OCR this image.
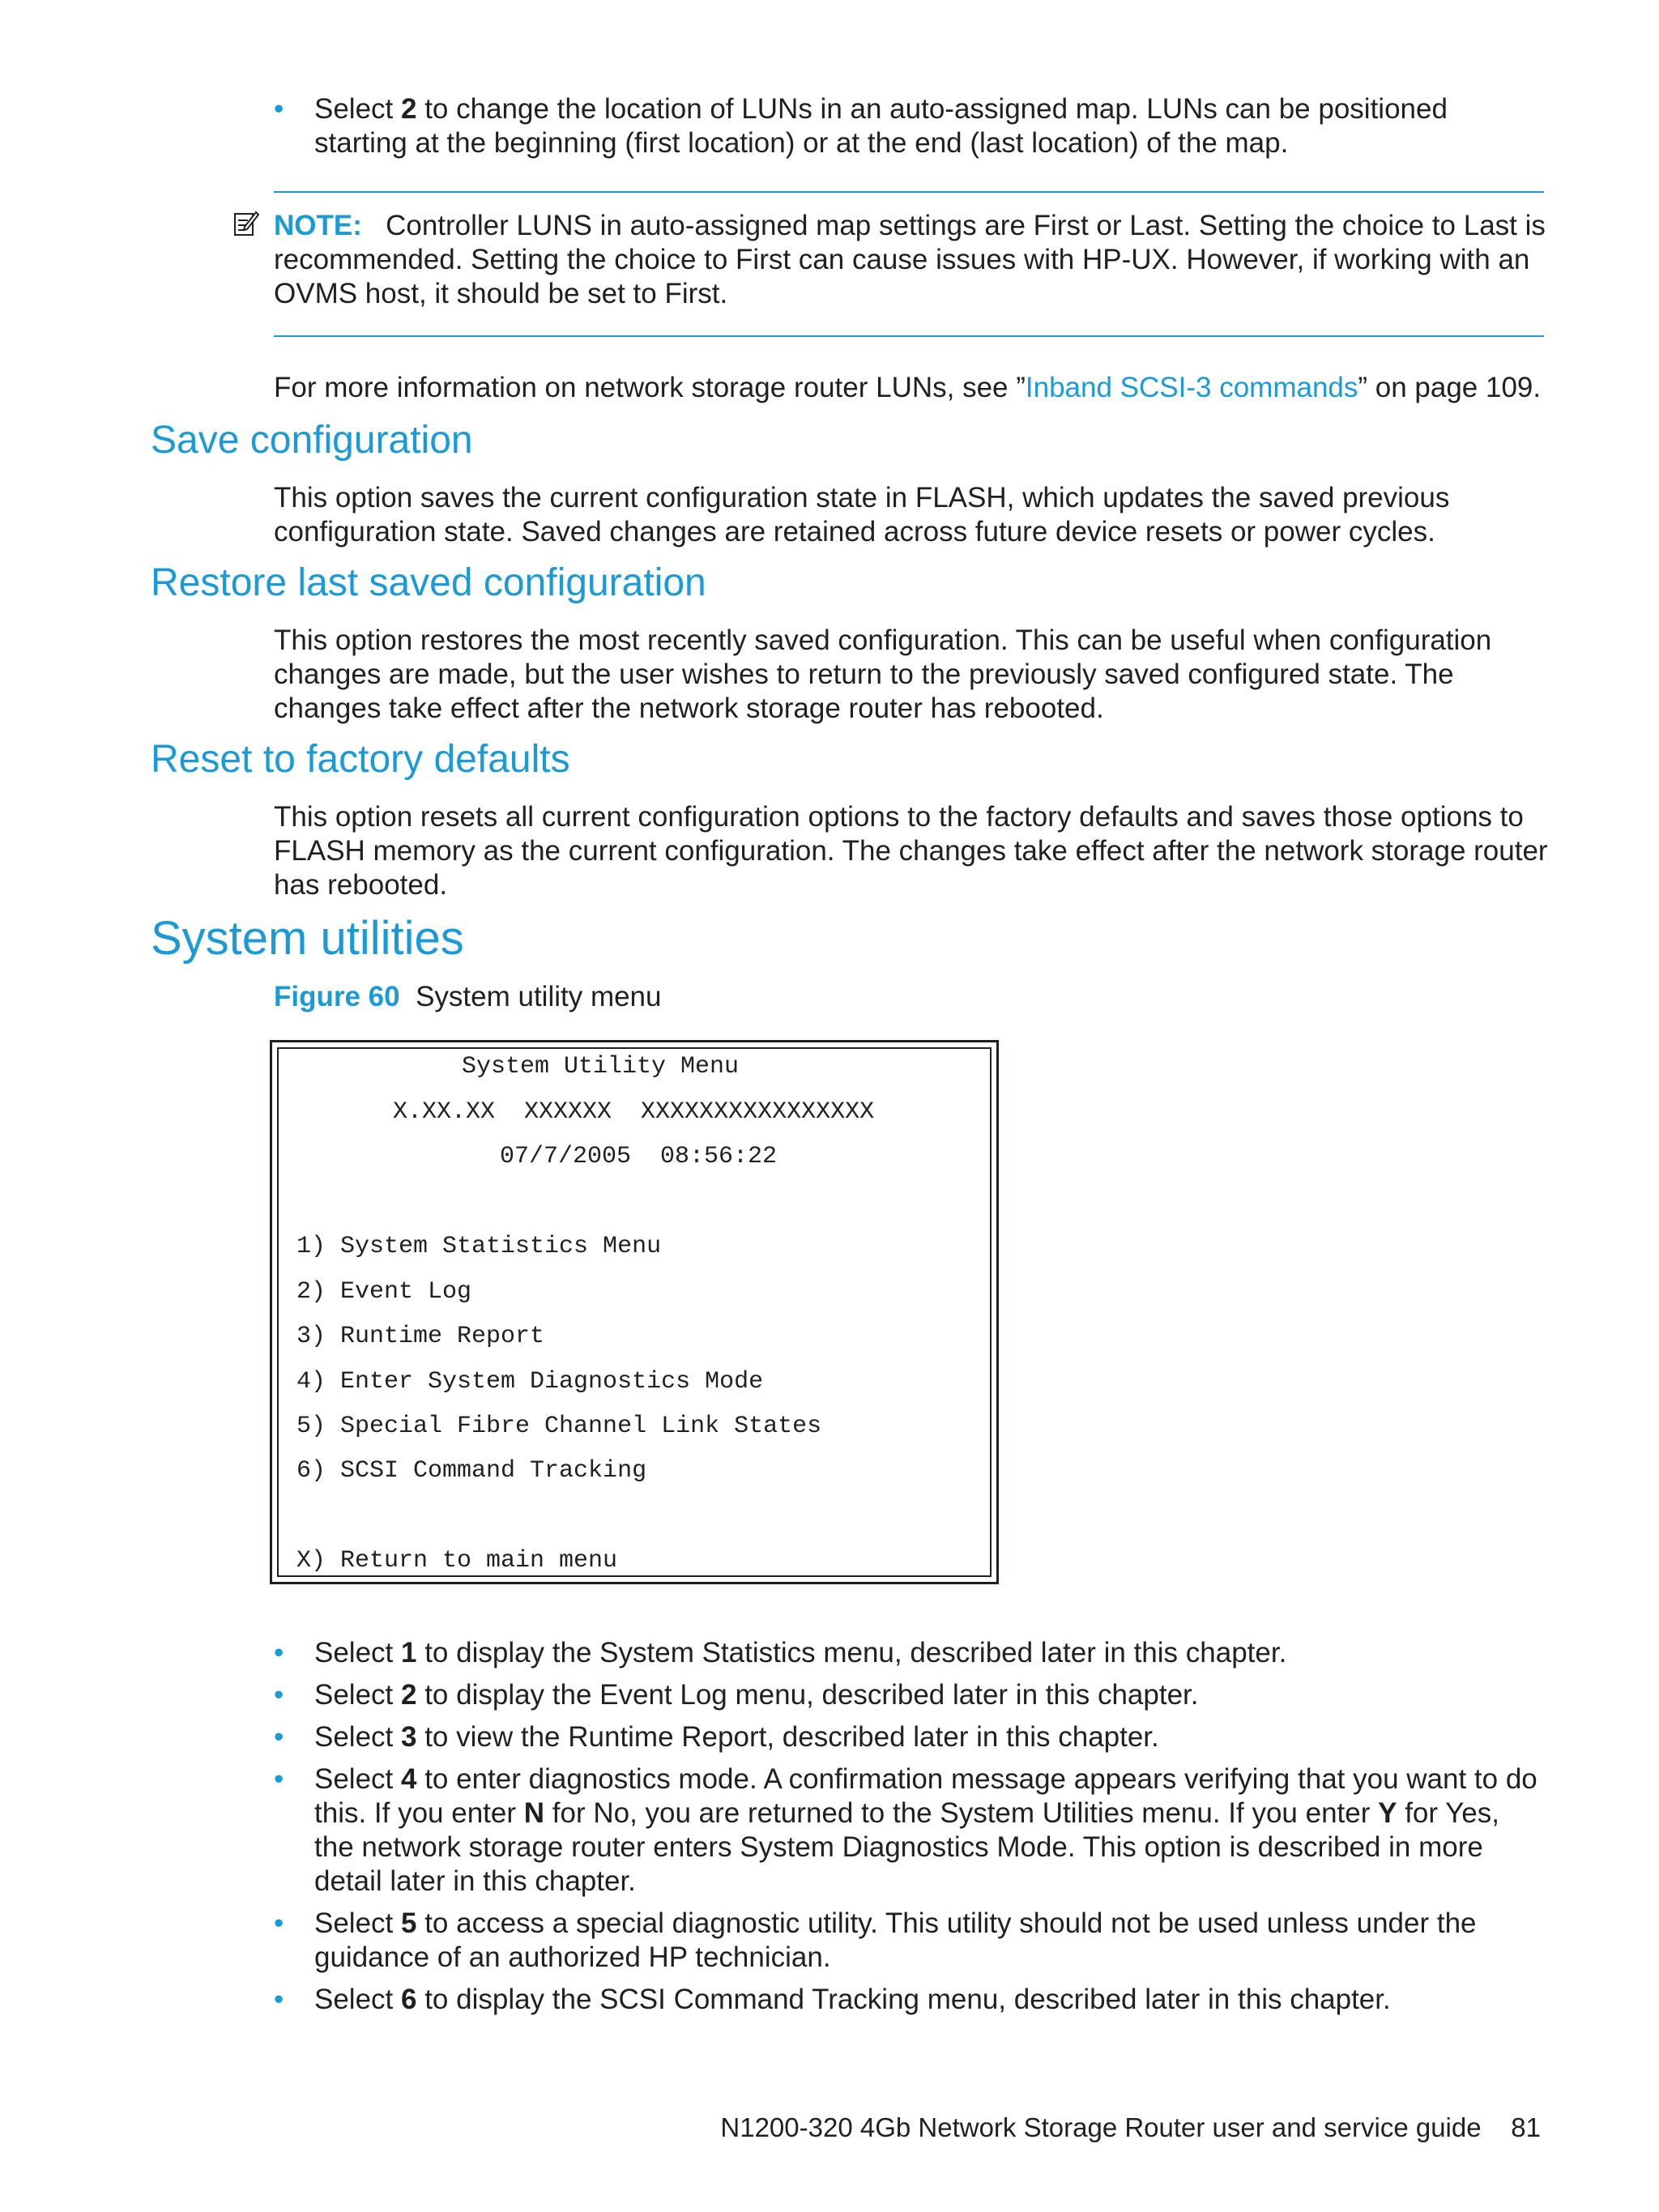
• Select 2 to change the location of LUNs in an auto-assigned map. LUNs can be positioned starting at the beginning (first location) or at the end (last location) of the map.
NOTE: Controller LUNS in auto-assigned map settings are First or Last. Setting the choice to Last is recommended. Setting the choice to First can cause issues with HP-UX. However, if working with an OVMS host, it should be set to First.
For more information on network storage router LUNs, see ”Inband SCSI-3 commands” on page 109.
Save configuration
This option saves the current configuration state in FLASH, which updates the saved previous configuration state. Saved changes are retained across future device resets or power cycles.
Restore last saved configuration
This option restores the most recently saved configuration. This can be useful when configuration changes are made, but the user wishes to return to the previously saved configured state. The changes take effect after the network storage router has rebooted.
Reset to factory defaults
This option resets all current configuration options to the factory defaults and saves those options to FLASH memory as the current configuration. The changes take effect after the network storage router has rebooted.
System utilities
Figure 60 System utility menu
System Utility Menu
X.XX.XX  XXXXXX  XXXXXXXXXXXXXXXX
07/7/2005  08:56:22
1) System Statistics Menu
2) Event Log
3) Runtime Report
4) Enter System Diagnostics Mode
5) Special Fibre Channel Link States
6) SCSI Command Tracking
X) Return to main menu
• Select 1 to display the System Statistics menu, described later in this chapter.
• Select 2 to display the Event Log menu, described later in this chapter.
• Select 3 to view the Runtime Report, described later in this chapter.
• Select 4 to enter diagnostics mode. A confirmation message appears verifying that you want to do this. If you enter N for No, you are returned to the System Utilities menu. If you enter Y for Yes, the network storage router enters System Diagnostics Mode. This option is described in more detail later in this chapter.
• Select 5 to access a special diagnostic utility. This utility should not be used unless under the guidance of an authorized HP technician.
• Select 6 to display the SCSI Command Tracking menu, described later in this chapter.
N1200-320 4Gb Network Storage Router user and service guide 81
